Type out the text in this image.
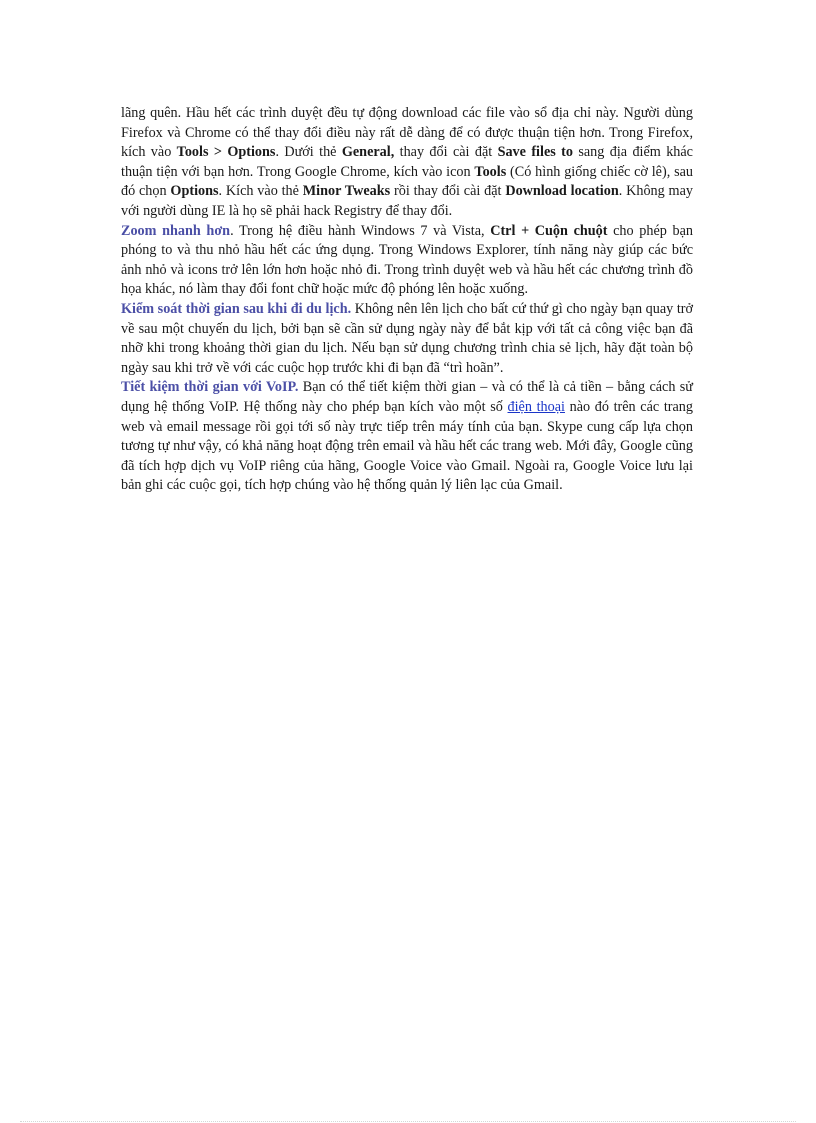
lãng quên. Hầu hết các trình duyệt đều tự động download các file vào sổ địa chỉ này. Người dùng Firefox và Chrome có thể thay đổi điều này rất dễ dàng để có được thuận tiện hơn. Trong Firefox, kích vào Tools > Options. Dưới thẻ General, thay đổi cài đặt Save files to sang địa điểm khác thuận tiện với bạn hơn. Trong Google Chrome, kích vào icon Tools (Có hình giống chiếc cờ lê), sau đó chọn Options. Kích vào thẻ Minor Tweaks rồi thay đổi cài đặt Download location. Không may với người dùng IE là họ sẽ phải hack Registry để thay đổi.

Zoom nhanh hơn. Trong hệ điều hành Windows 7 và Vista, Ctrl + Cuộn chuột cho phép bạn phóng to và thu nhỏ hầu hết các ứng dụng. Trong Windows Explorer, tính năng này giúp các bức ảnh nhỏ và icons trở lên lớn hơn hoặc nhỏ đi. Trong trình duyệt web và hầu hết các chương trình đồ họa khác, nó làm thay đổi font chữ hoặc mức độ phóng lên hoặc xuống.

Kiểm soát thời gian sau khi đi du lịch. Không nên lên lịch cho bất cứ thứ gì cho ngày bạn quay trở về sau một chuyến du lịch, bởi bạn sẽ cần sử dụng ngày này để bắt kịp với tất cả công việc bạn đã nhỡ khi trong khoảng thời gian du lịch. Nếu bạn sử dụng chương trình chia sẻ lịch, hãy đặt toàn bộ ngày sau khi trở về với các cuộc họp trước khi đi bạn đã “trì hoãn”.

Tiết kiệm thời gian với VoIP. Bạn có thể tiết kiệm thời gian – và có thể là cả tiền – bằng cách sử dụng hệ thống VoIP. Hệ thống này cho phép bạn kích vào một số điện thoại nào đó trên các trang web và email message rồi gọi tới số này trực tiếp trên máy tính của bạn. Skype cung cấp lựa chọn tương tự như vậy, có khả năng hoạt động trên email và hầu hết các trang web. Mới đây, Google cũng đã tích hợp dịch vụ VoIP riêng của hãng, Google Voice vào Gmail. Ngoài ra, Google Voice lưu lại bản ghi các cuộc gọi, tích hợp chúng vào hệ thống quản lý liên lạc của Gmail.
